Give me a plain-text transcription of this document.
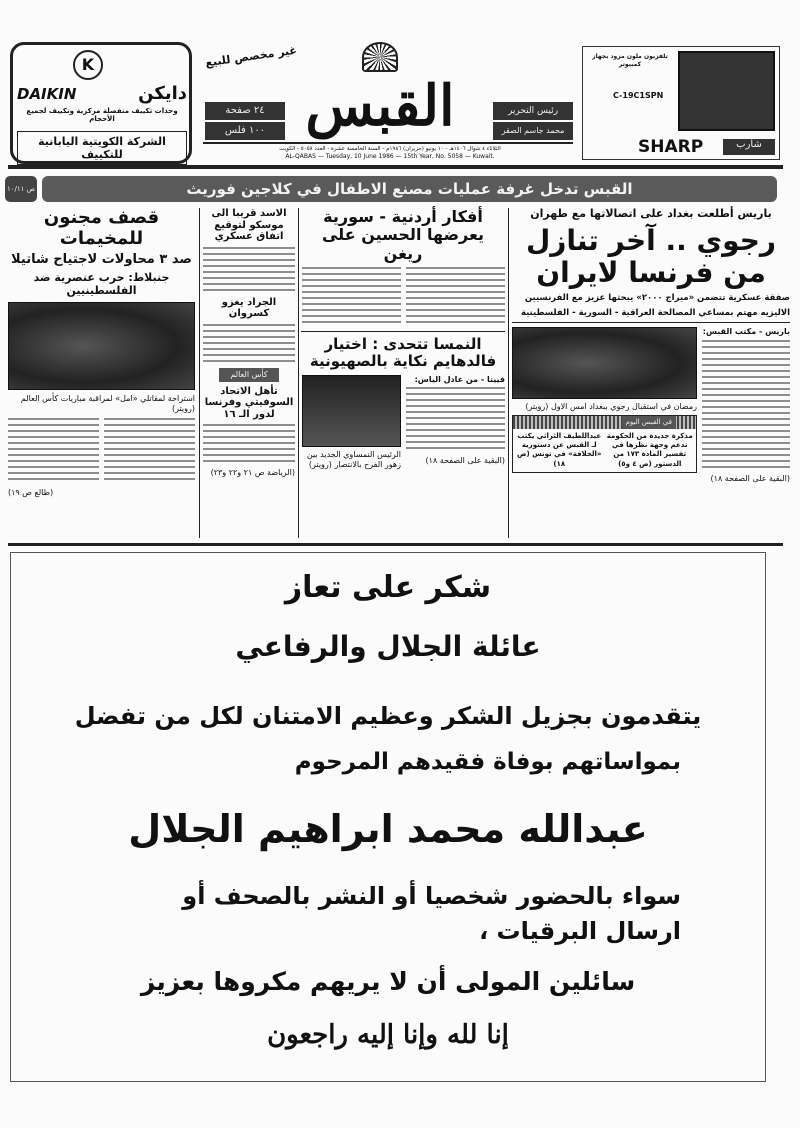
K
DAIKIN	دايكن
وحدات تكييف منفصلة مركزية وتكييف لجميع الأحجام
الشركة الكويتية اليابانية للتكييف
٢٤ صفحة
١٠٠ فلس
غير مخصص للبيع
القبس	رئيس التحرير
محمد جاسم الصقر
الثلاثاء ٤ شوال ١٤٠٦هـ - ١٠ يونيو (حزيران) ١٩٨٦م - السنة الخامسة عشرة - العدد ٥٠٥٨ - الكويت
AL-QABAS — Tuesday, 10 June 1986 — 15th Year, No. 5058 — Kuwait.
تلفزيون ملون مزود بجهاز كمبيوتر
C-19C1SPN
SHARP	شارب
ص ١٠/١١	القبس تدخل غرفة عمليات مصنع الاطفال في كلاجين فوريث
باريس أطلعت بغداد على اتصالاتها مع طهران
رجوي .. آخر تنازل من فرنسا لايران
صفقة عسكرية تتضمن «ميراج ٢٠٠٠» يبحثها عزيز مع الفرنسيين
الاليزيه مهتم بمساعي المصالحة العراقية - السورية - الفلسطينية
باريس - مكتب القبس:
(البقية على الصفحة ١٨)
رمضان في استقبال رجوي ببغداد امس الاول (رويتر)
في القبس اليوم
مذكرة جديدة من الحكومة تدعم وجهة نظرها في تفسير المادة ١٧٣ من الدستور (ص ٤ و٥)
عبداللطيف الثراثي يكتب لـ القبس عن دستورية «الخلافة» في تونس (ص ١٨)
أفكار أردنية - سورية يعرضها الحسين على ريغن
النمسا تتحدى : اختيار فالدهايم نكاية بالصهيونية
فيينا - من عادل الياس:
(البقية على الصفحة ١٨)
الرئيس النمساوي الجديد بين زهور الفرح بالانتصار (رويتر)
الاسد قريبا الى موسكو لتوقيع اتفاق عسكري
الجراد يغزو كسروان
كأس العالم
تأهل الاتحاد السوفيتي وفرنسا لدور الـ ١٦
(الرياضة ص ٢١ و٢٢ و٢٣)
قصف مجنون للمخيمات
صد ٣ محاولات لاجتياح شاتيلا
جنبلاط: حرب عنصرية ضد الفلسطينيين
استراحة لمقاتلي «امل» لمراقبة مباريات كأس العالم (رويتر)
(طالع ص ١٩)
شكر على تعاز
عائلة الجلال والرفاعي
يتقدمون بجزيل الشكر وعظيم الامتنان لكل من تفضل
بمواساتهم بوفاة فقيدهم المرحوم
عبدالله محمد ابراهيم الجلال
سواء بالحضور شخصيا أو النشر بالصحف أو ارسال البرقيات ،
سائلين المولى أن لا يريهم مكروها بعزيز
إنا لله وإنا إليه راجعون
